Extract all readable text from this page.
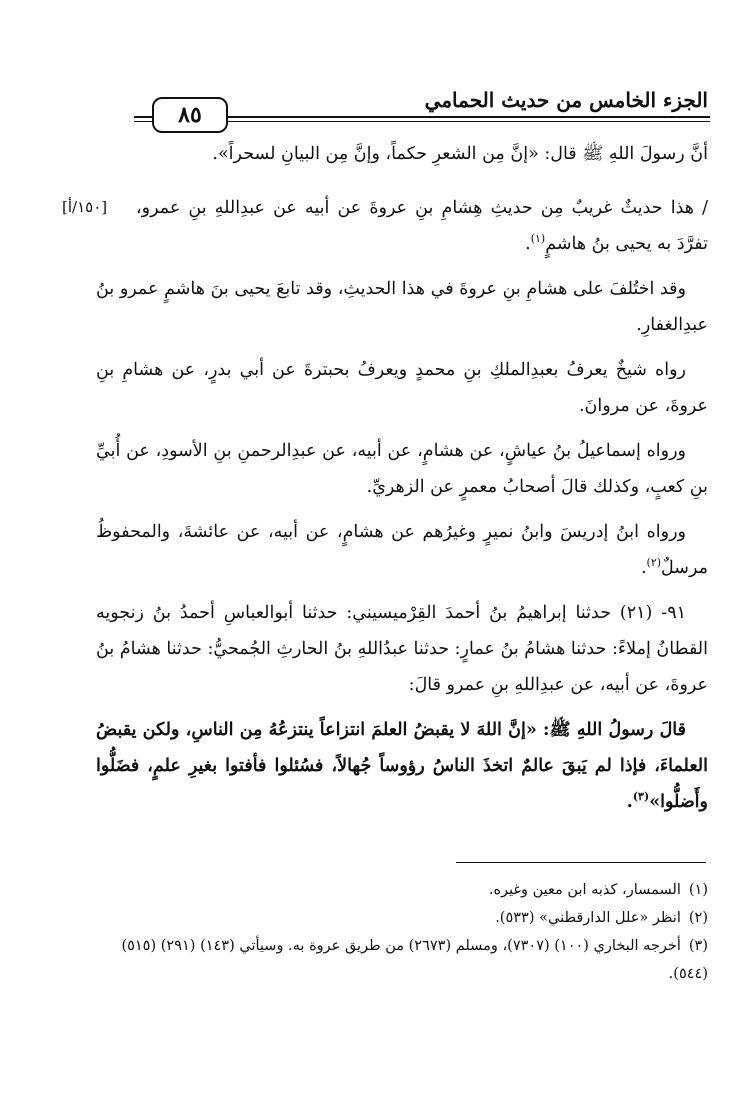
الجزء الخامس من حديث الحمامي
٨٥
[١٥٠/أ]

أنَّ رسولَ اللهِ ﷺ قال: «إنَّ مِن الشعرِ حكماً، وإنَّ مِن البيانِ لسحراً».

/ هذا حديثٌ غريبٌ مِن حديثِ هِشامِ بنِ عروةَ عن أبيه عن عبدِاللهِ بنِ عمرو، تفرَّدَ به يحيى بنُ هاشمٍ$^{(١)}$.

وقد اختُلفَ على هشامِ بنِ عروةَ في هذا الحديثِ، وقد تابعَ يحيى بنَ هاشمٍ عمرو بنُ عبدِالغفارِ.

رواه شيخٌ يعرفُ بعبدِالملكِ بنِ محمدٍ ويعرفُ بحبترةَ عن أبي بدرٍ، عن هشامِ بنِ عروةَ، عن مروانَ.

ورواه إسماعيلُ بنُ عياشٍ، عن هشامٍ، عن أبيه، عن عبدِالرحمنِ بنِ الأسودِ، عن أُبيِّ بنِ كعبٍ، وكذلك قالَ أصحابُ معمرٍ عن الزهريِّ.

ورواه ابنُ إدريسَ وابنُ نميرٍ وغيرُهم عن هشامٍ، عن أبيه، عن عائشةَ، والمحفوظُ مرسلٌ$^{(٢)}$.

٩١- (٢١) حدثنا إبراهيمُ بنُ أحمدَ القِرْميسيني: حدثنا أبوالعباسِ أحمدُ بنُ زنجويه القطانُ إملاءً: حدثنا هشامُ بنُ عمارٍ: حدثنا عبدُاللهِ بنُ الحارثِ الجُمحيُّ: حدثنا هشامُ بنُ عروةَ، عن أبيه، عن عبدِاللهِ بنِ عمرو قالَ:

قالَ رسولُ اللهِ ﷺ: «إنَّ اللهَ لا يقبضُ العلمَ انتزاعاً ينتزعُهُ مِن الناسِ، ولكن يقبضُ العلماءَ، فإذا لم يَبقَ عالمٌ اتخذَ الناسُ رؤوساً جُهالاً، فسُئلوا فأفتوا بغيرِ علمٍ، فضَلُّوا وأَضلُّوا»$^{(٣)}$.

(١)السمسار، كذبه ابن معين وغيره.

(٢)انظر «علل الدارقطني» (٥٣٣).

(٣)أخرجه البخاري (١٠٠) (٧٣٠٧)، ومسلم (٢٦٧٣) من طريق عروة به. وسيأتي (١٤٣) (٢٩١) (٥١٥) (٥٤٤).
